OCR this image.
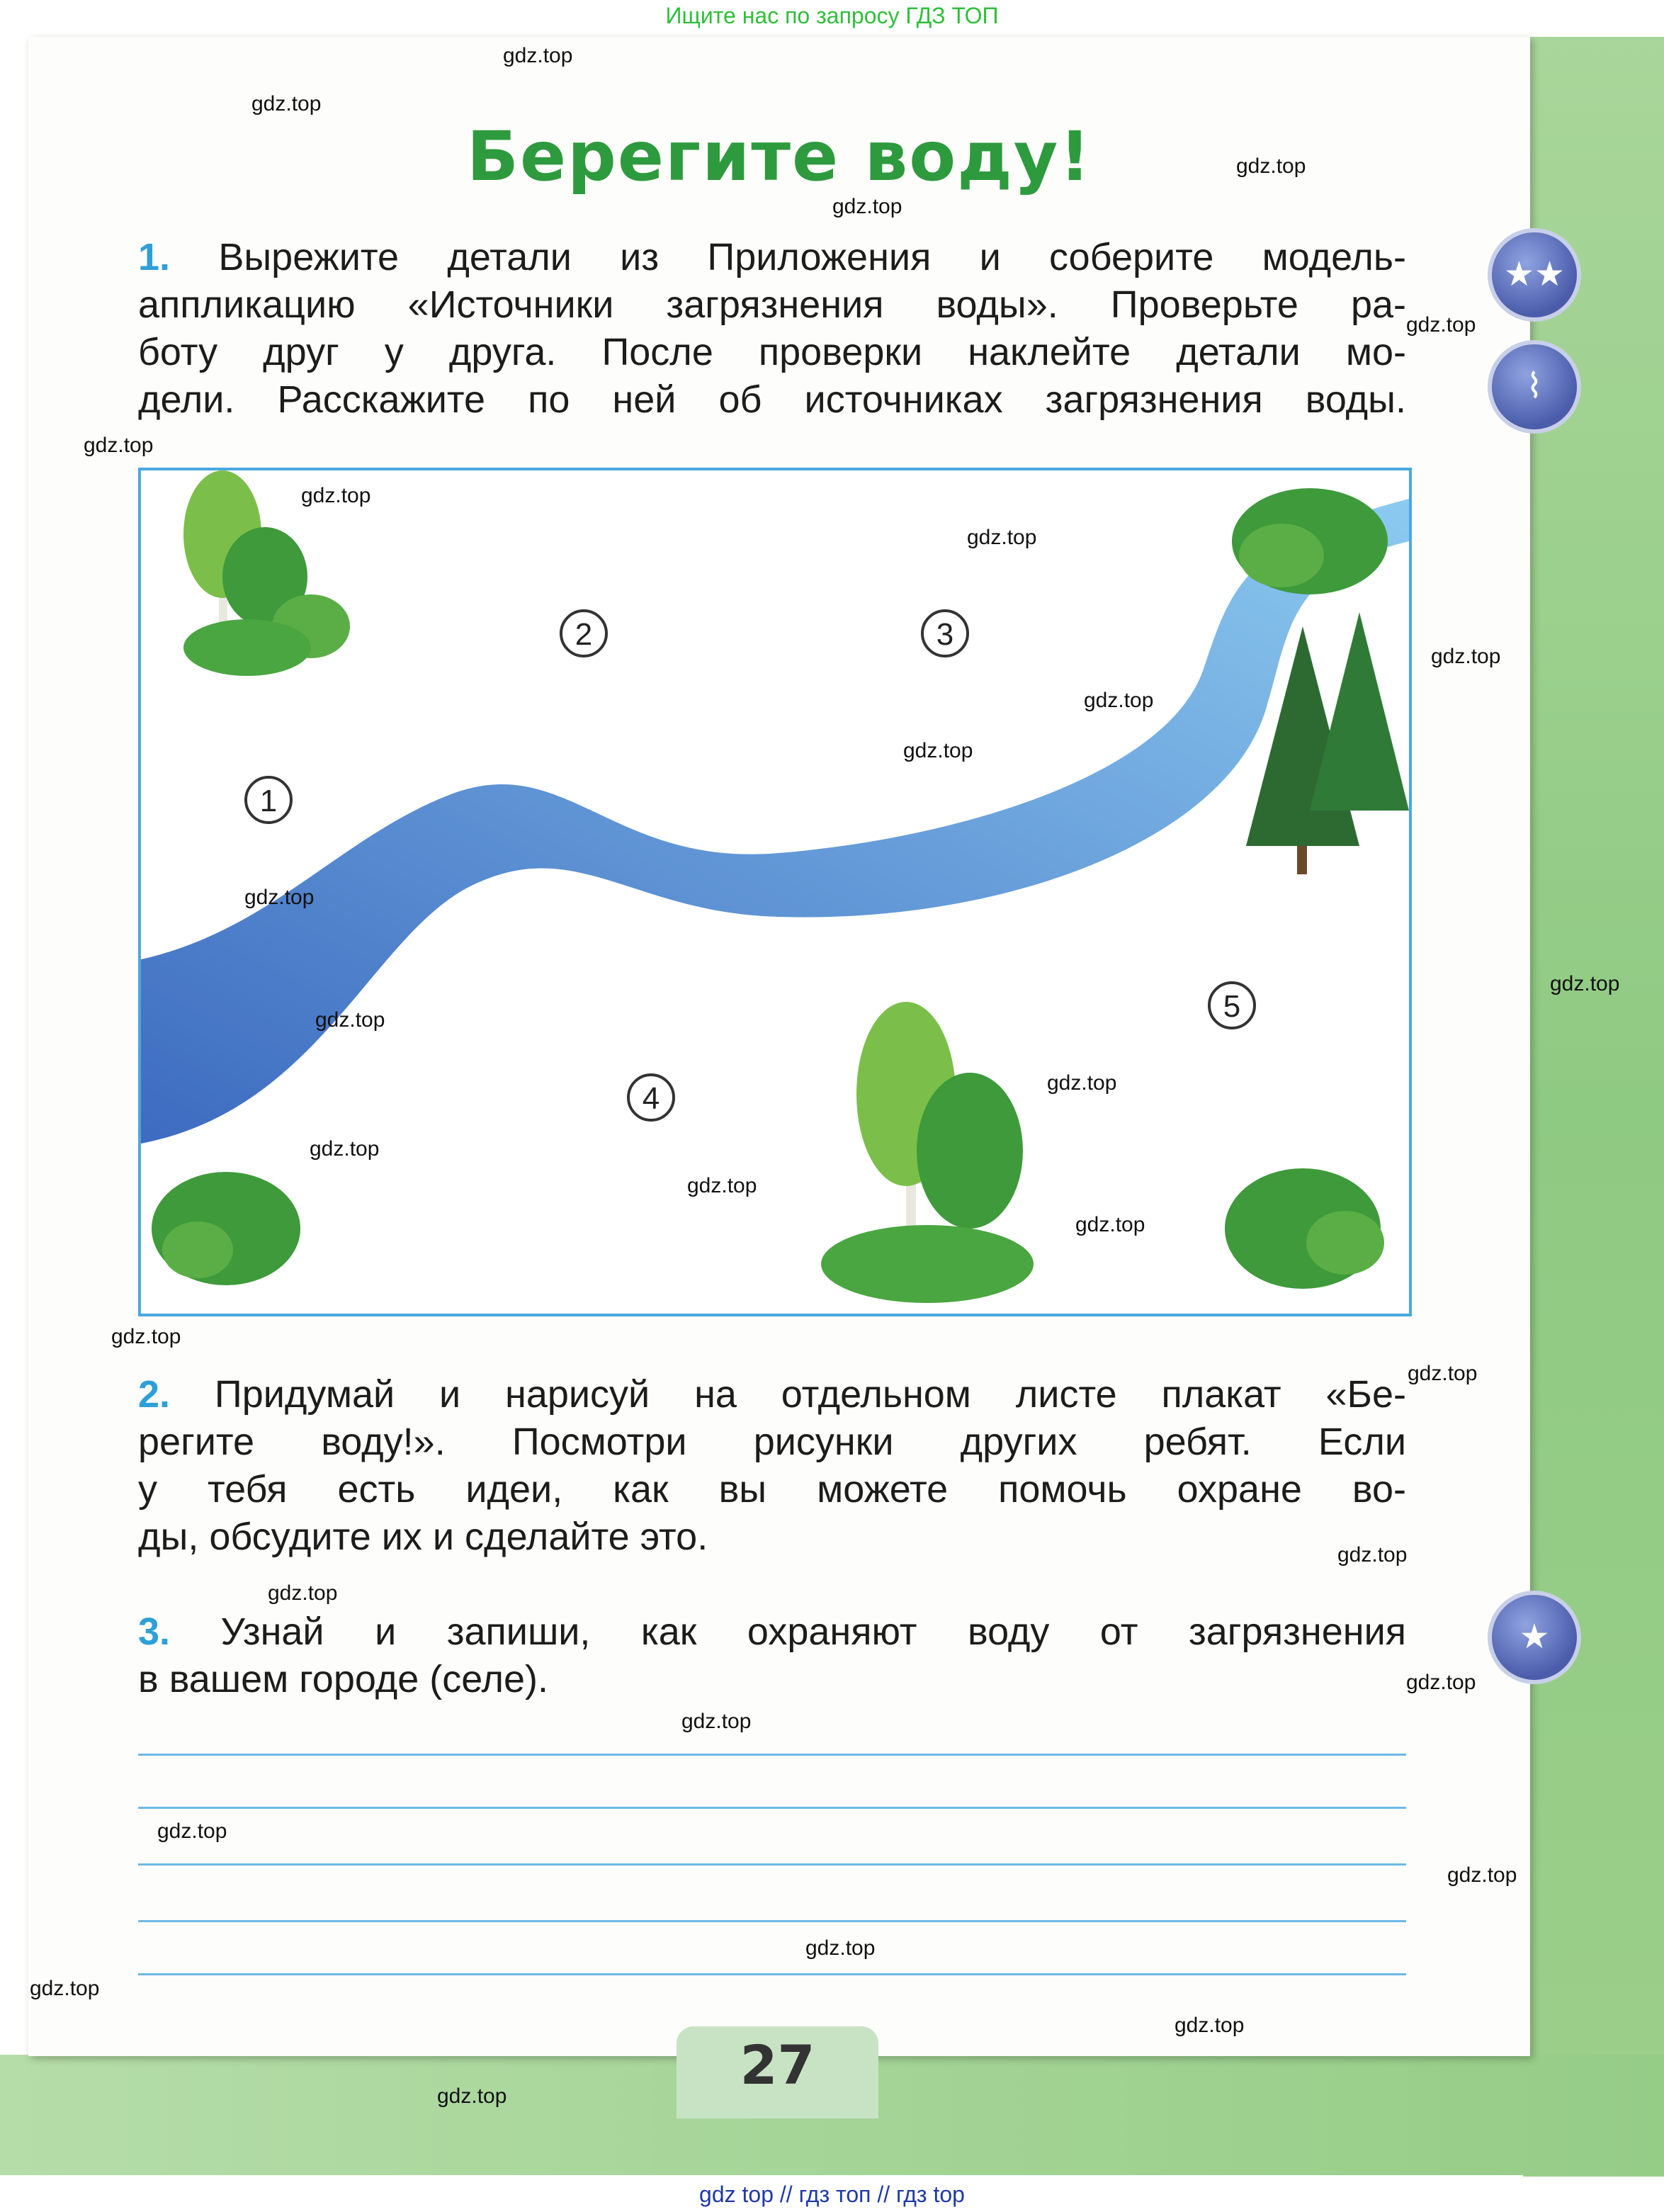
Ищите нас по запросу ГДЗ ТОП
Берегите воду!
1. Вырежите детали из Приложения и соберите модель-
аппликацию «Источники загрязнения воды». Проверьте ра-
боту друг у друга. После проверки наклейте детали мо-
дели. Расскажите по ней об источниках загрязнения воды.
★★
⌇
★
2	3
1
5
4
2. Придумай и нарисуй на отдельном листе плакат «Бе-
регите воду!». Посмотри рисунки других ребят. Если
у тебя есть идеи, как вы можете помочь охране во-
ды, обсудите их и сделайте это.
3. Узнай и запиши, как охраняют воду от загрязнения
в вашем городе (селе).
27
gdz.top
gdz.top
gdz.top
gdz.top
gdz.top
gdz.top
gdz.top
gdz.top
gdz.top
gdz.top
gdz.top
gdz.top
gdz.top
gdz.top
gdz.top
gdz.top
gdz.top
gdz.top
gdz.top
gdz.top
gdz.top
gdz.top
gdz.top
gdz.top
gdz.top
gdz.top
gdz.top
gdz.top
gdz.top
gdz.top
gdz top // гдз топ // гдз top
